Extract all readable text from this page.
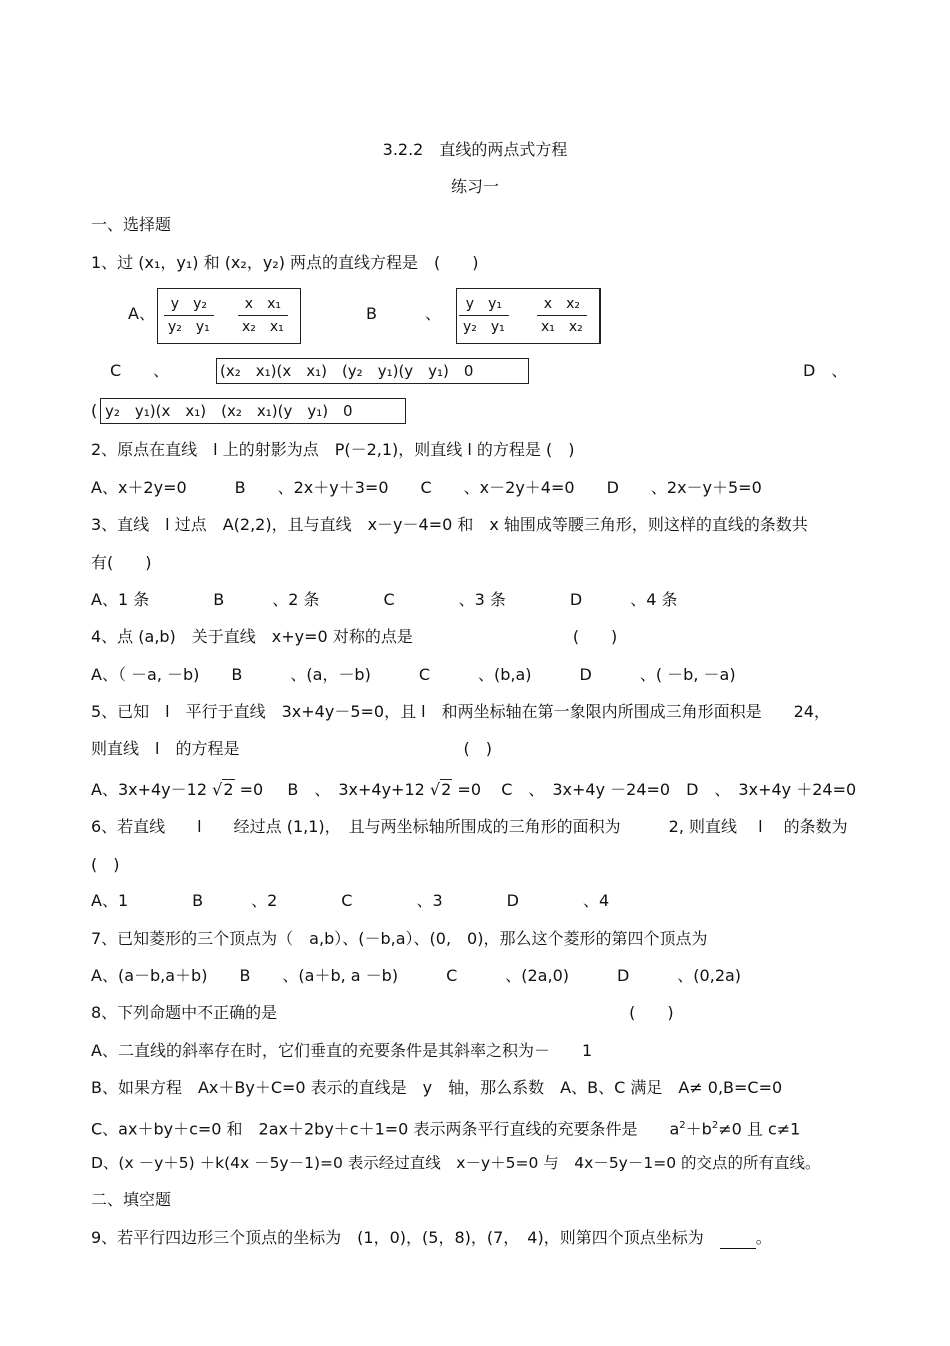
3.2.2　直线的两点式方程
练习一
一、选择题
1、过 (x₁，y₁) 和 (x₂，y₂) 两点的直线方程是　(　　)
A、 y　y₂
y₂　y₁
x　x₁
x₂　x₁
B　　　、 y　y₁
y₂　y₁
x　x₂
x₁　x₂
C　　、	(x₂　x₁)(x　x₁)　(y₂　y₁)(y　y₁)　0	D　、
( y₂　y₁)(x　x₁)　(x₂　x₁)(y　y₁)　0
2、原点在直线　l 上的射影为点　P(－2,1)，则直线 l 的方程是 (　)
A、x＋2y=0　　　B　　、2x＋y＋3=0　　C　　、x－2y＋4=0　　D　　、2x－y＋5=0
3、直线　l 过点　A(2,2)，且与直线　x－y－4=0 和　x 轴围成等腰三角形，则这样的直线的条数共
有(　　)
A、1 条　　　　B　　　、2 条　　　　C　　　　、3 条　　　　D　　　、4 条
4、点 (a,b)　关于直线　x+y=0 对称的点是　　　　　　　　　　(　　)
A、（ －a, －b)　　B　　　、(a，－b)　　　C　　　、(b,a)　　　D　　　、( －b, －a)
5、已知　l　平行于直线　3x+4y－5=0，且 l　和两坐标轴在第一象限内所围成三角形面积是　　24，
则直线　l　的方程是　　　　　　　　　　　　　　(　)
A、3x+4y－12 √2 =0 B　、　3x+4y+12 √2 =0 C　、　3x+4y －24=0　D　、　3x+4y ＋24=0
6、若直线　　l　　经过点 (1,1)，　且与两坐标轴所围成的三角形的面积为　　　2, 则直线　 l　 的条数为
(　)
A、1　　　　B　　　、2　　　　C　　　　、3　　　　D　　　　、4
7、已知菱形的三个顶点为（　a,b）、(－b,a）、(0,　0)，那么这个菱形的第四个顶点为
A、(a－b,a＋b)　　B　　、(a＋b, a －b)　　　C　　　、(2a,0)　　　D　　　、(0,2a)
8、下列命题中不正确的是　　　　　　　　　　　　　　　　　　　　　　(　　)
A、二直线的斜率存在时，它们垂直的充要条件是其斜率之积为－　　1
B、如果方程　Ax＋By＋C=0 表示的直线是　y　轴，那么系数　A、B、C 满足　A≠ 0,B=C=0
C、ax＋by＋c=0 和　2ax＋2by＋c＋1=0 表示两条平行直线的充要条件是　　$a^2+b^2\ne 0$ 且 c≠1
D、(x －y＋5) ＋k(4x －5y－1)=0 表示经过直线　x－y＋5=0 与　4x－5y－1=0 的交点的所有直线。
二、填空题
9、若平行四边形三个顶点的坐标为　(1，0)，(5，8)，(7，　4)，则第四个顶点坐标为　。
